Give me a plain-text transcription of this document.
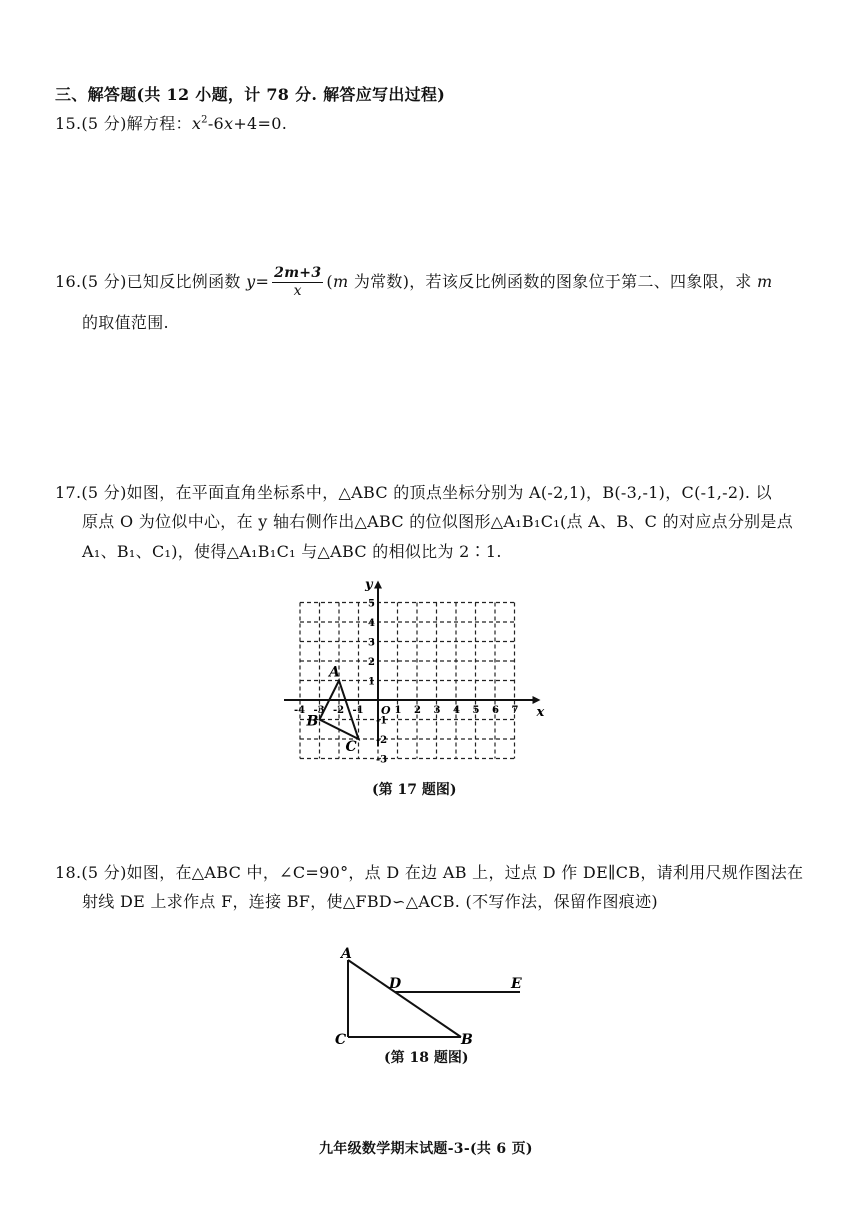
三、解答题(共 12 小题，计 78 分. 解答应写出过程)
15.(5 分)解方程：$x^2-6x+4=0$.
16.(5 分)已知反比例函数 $y= \frac{2m+3}{x} (m$ 为常数)，若该反比例函数的图象位于第二、四象限，求 m
的取值范围.
17.(5 分)如图，在平面直角坐标系中，△ABC 的顶点坐标分别为 A(-2,1)，B(-3,-1)，C(-1,-2). 以
原点 O 为位似中心，在 y 轴右侧作出△ABC 的位似图形△A₁B₁C₁(点 A、B、C 的对应点分别是点
A₁、B₁、C₁)，使得△A₁B₁C₁ 与△ABC 的相似比为 2∶1.
x
y
O
-4 -3 -2 -1	1 2 3 4 5 6 7
5
4
3
2
1
-1
-2
-3
A
B
C
(第 17 题图)
18.(5 分)如图，在△ABC 中，∠C=90°，点 D 在边 AB 上，过点 D 作 DE∥CB，请利用尺规作图法在
射线 DE 上求作点 F，连接 BF，使△FBD∽△ACB. (不写作法，保留作图痕迹)
A
C	B
D	E
(第 18 题图)
九年级数学期末试题-3-(共 6 页)
